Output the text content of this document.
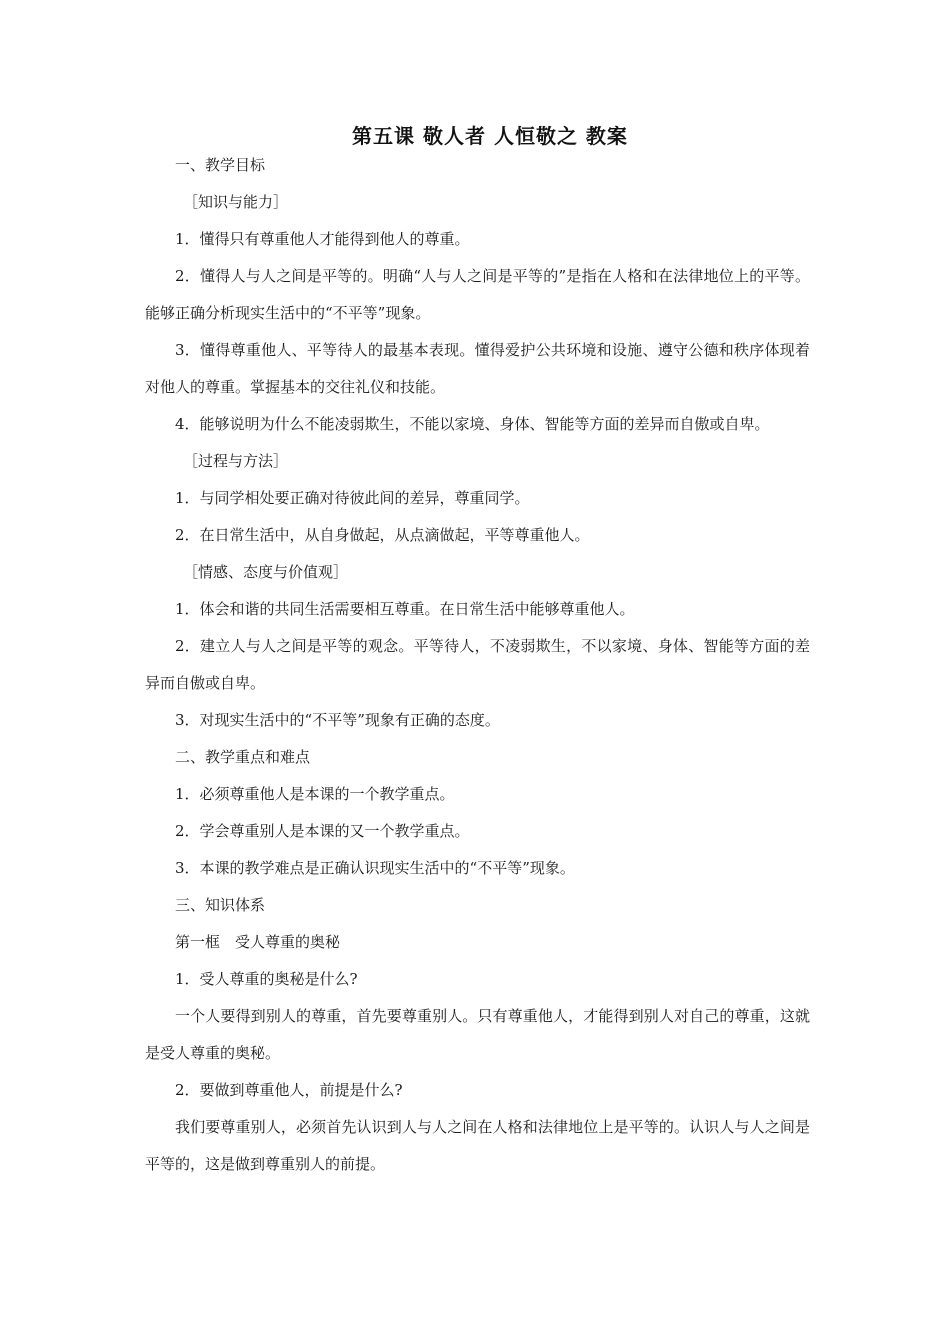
第五课 敬人者 人恒敬之 教案

一、教学目标

［知识与能力］

1．懂得只有尊重他人才能得到他人的尊重。

2．懂得人与人之间是平等的。明确“人与人之间是平等的”是指在人格和在法律地位上的平等。能够正确分析现实生活中的“不平等”现象。

3．懂得尊重他人、平等待人的最基本表现。懂得爱护公共环境和设施、遵守公德和秩序体现着对他人的尊重。掌握基本的交往礼仪和技能。

4．能够说明为什么不能凌弱欺生，不能以家境、身体、智能等方面的差异而自傲或自卑。

［过程与方法］

1．与同学相处要正确对待彼此间的差异，尊重同学。

2．在日常生活中，从自身做起，从点滴做起，平等尊重他人。

［情感、态度与价值观］

1．体会和谐的共同生活需要相互尊重。在日常生活中能够尊重他人。

2．建立人与人之间是平等的观念。平等待人，不凌弱欺生，不以家境、身体、智能等方面的差异而自傲或自卑。

3．对现实生活中的“不平等”现象有正确的态度。

二、教学重点和难点

1．必须尊重他人是本课的一个教学重点。

2．学会尊重别人是本课的又一个教学重点。

3．本课的教学难点是正确认识现实生活中的“不平等”现象。

三、知识体系

第一框　受人尊重的奥秘

1．受人尊重的奥秘是什么?

一个人要得到别人的尊重，首先要尊重别人。只有尊重他人，才能得到别人对自己的尊重，这就是受人尊重的奥秘。

2．要做到尊重他人，前提是什么?

我们要尊重别人，必须首先认识到人与人之间在人格和法律地位上是平等的。认识人与人之间是平等的，这是做到尊重别人的前提。
